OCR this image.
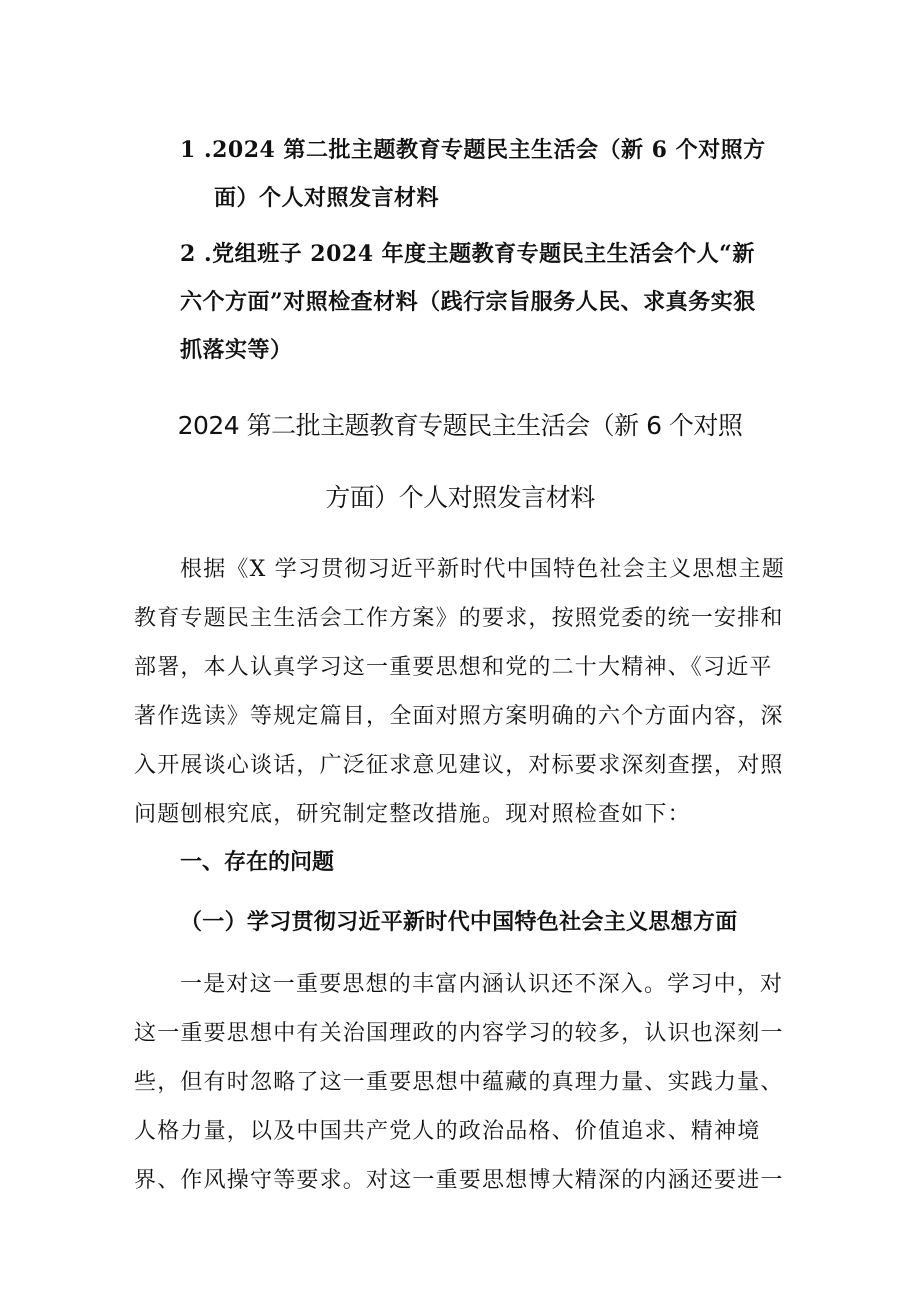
1 .2024 第二批主题教育专题民主生活会（新 6 个对照方
面）个人对照发言材料
2 .党组班子 2024 年度主题教育专题民主生活会个人“新
六个方面”对照检查材料（践行宗旨服务人民、求真务实狠
抓落实等）
2024 第二批主题教育专题民主生活会（新 6 个对照
方面）个人对照发言材料
根据《X 学习贯彻习近平新时代中国特色社会主义思想主题
教育专题民主生活会工作方案》的要求，按照党委的统一安排和
部署，本人认真学习这一重要思想和党的二十大精神、《习近平
著作选读》等规定篇目，全面对照方案明确的六个方面内容，深
入开展谈心谈话，广泛征求意见建议，对标要求深刻查摆，对照
问题刨根究底，研究制定整改措施。现对照检查如下：
一、存在的问题
（一）学习贯彻习近平新时代中国特色社会主义思想方面
一是对这一重要思想的丰富内涵认识还不深入。学习中，对
这一重要思想中有关治国理政的内容学习的较多，认识也深刻一
些，但有时忽略了这一重要思想中蕴藏的真理力量、实践力量、
人格力量，以及中国共产党人的政治品格、价值追求、精神境
界、作风操守等要求。对这一重要思想博大精深的内涵还要进一
